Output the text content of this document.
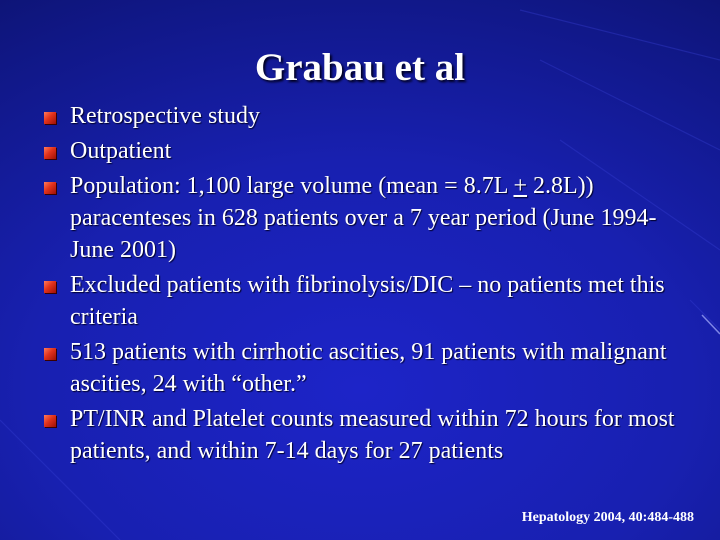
Grabau et al
Retrospective study
Outpatient
Population: 1,100 large volume (mean = 8.7L + 2.8L)) paracenteses in 628 patients over a 7 year period (June 1994-June 2001)
Excluded patients with fibrinolysis/DIC – no patients met this criteria
513 patients with cirrhotic ascities, 91 patients with malignant ascities, 24 with “other.”
PT/INR and Platelet counts measured within 72 hours for most patients, and within 7-14 days for 27 patients
Hepatology 2004, 40:484-488
